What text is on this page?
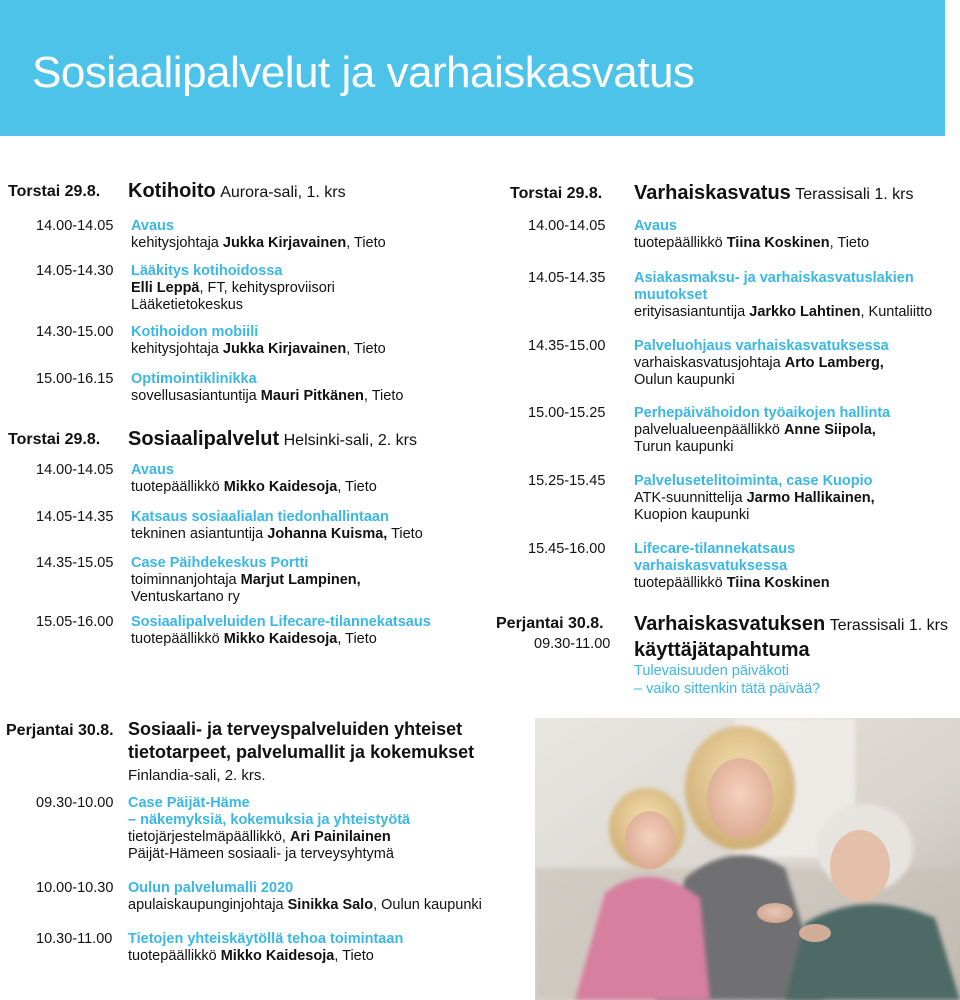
Sosiaalipalvelut ja varhaiskasvatus
Torstai 29.8. Kotihoito Aurora-sali, 1. krs
14.00-14.05 Avaus
kehitysjohtaja Jukka Kirjavainen, Tieto
14.05-14.30 Lääkitys kotihoidossa
Elli Leppä, FT, kehitysproviisori
Lääketietokeskus
14.30-15.00 Kotihoidon mobiili
kehitysjohtaja Jukka Kirjavainen, Tieto
15.00-16.15 Optimointiklinikka
sovellusasiantuntija Mauri Pitkänen, Tieto
Torstai 29.8. Sosiaalipalvelut Helsinki-sali, 2. krs
14.00-14.05 Avaus
tuotepäällikkö Mikko Kaidesoja, Tieto
14.05-14.35 Katsaus sosiaalialan tiedonhallintaan
tekninen asiantuntija Johanna Kuisma, Tieto
14.35-15.05 Case Päihdekeskus Portti
toiminnanjohtaja Marjut Lampinen,
Ventuskartano ry
15.05-16.00 Sosiaalipalveluiden Lifecare-tilannekatsaus
tuotepäällikkö Mikko Kaidesoja, Tieto
Torstai 29.8. Varhaiskasvatus Terassisali 1. krs
14.00-14.05 Avaus
tuotepäällikkö Tiina Koskinen, Tieto
14.05-14.35 Asiakasmaksu- ja varhaiskasvatuslakien
muutokset
erityisasiantuntija Jarkko Lahtinen, Kuntaliitto
14.35-15.00 Palveluohjaus varhaiskasvatuksessa
varhaiskasvatusjohtaja Arto Lamberg,
Oulun kaupunki
15.00-15.25 Perhepäivähoidon työaikojen hallinta
palvelualueenpäällikkö Anne Siipola,
Turun kaupunki
15.25-15.45 Palvelusetelitoiminta, case Kuopio
ATK-suunnittelija Jarmo Hallikainen,
Kuopion kaupunki
15.45-16.00 Lifecare-tilannekatsaus
varhaiskasvatuksessa
tuotepäällikkö Tiina Koskinen
Perjantai 30.8.
09.30-11.00
Varhaiskasvatuksen Terassisali 1. krs
käyttäjätapahtuma
Tulevaisuuden päiväkoti
– vaiko sittenkin tätä päivää?
Perjantai 30.8. Sosiaali- ja terveyspalveluiden yhteiset
tietotarpeet, palvelumallit ja kokemukset
Finlandia-sali, 2. krs.
09.30-10.00 Case Päijät-Häme
– näkemyksiä, kokemuksia ja yhteistyötä
tietojärjestelmäpäällikkö, Ari Painilainen
Päijät-Hämeen sosiaali- ja terveysyhtymä
10.00-10.30 Oulun palvelumalli 2020
apulaiskaupunginjohtaja Sinikka Salo, Oulun kaupunki
10.30-11.00 Tietojen yhteiskäytöllä tehoa toimintaan
tuotepäällikkö Mikko Kaidesoja, Tieto
